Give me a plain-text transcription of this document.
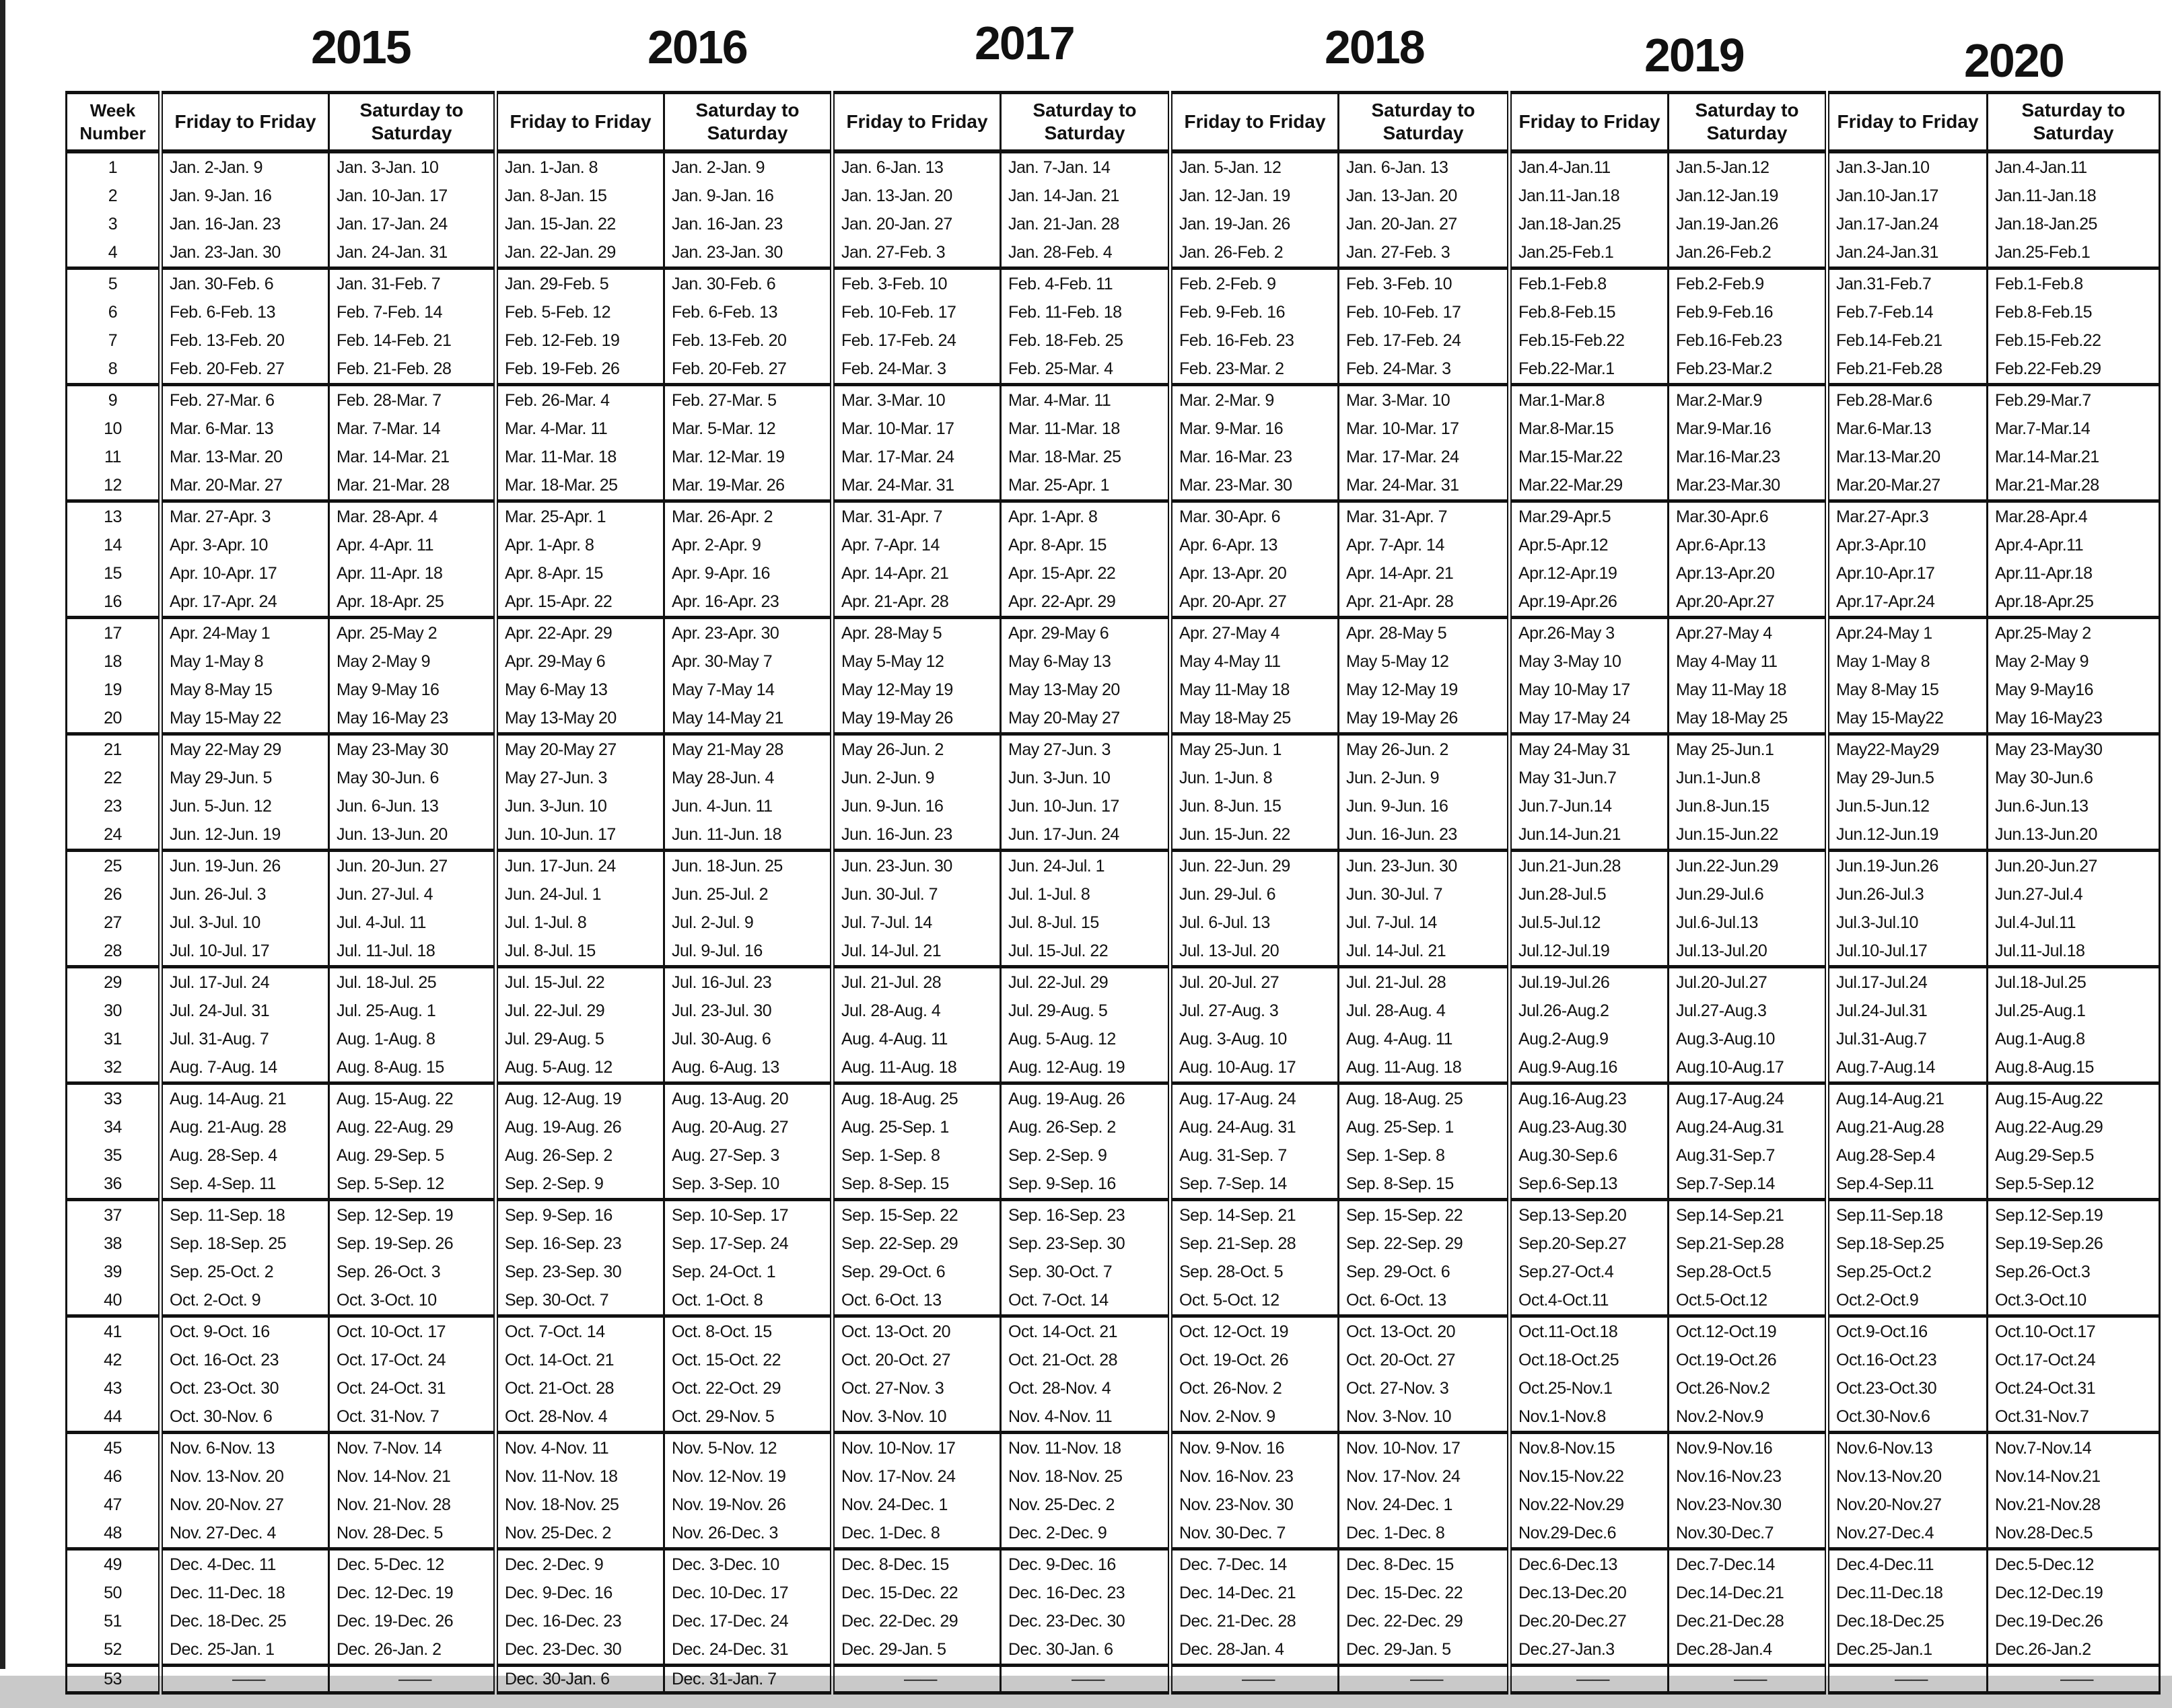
2015	2016	2017	2018	2019	2020
Week Number	Friday to Friday	Saturday to Saturday	Friday to Friday	Saturday to Saturday	Friday to Friday	Saturday to Saturday	Friday to Friday	Saturday to Saturday	Friday to Friday	Saturday to Saturday	Friday to Friday	Saturday to Saturday
1	Jan. 2-Jan. 9	Jan. 3-Jan. 10	Jan. 1-Jan. 8	Jan. 2-Jan. 9	Jan. 6-Jan. 13	Jan. 7-Jan. 14	Jan. 5-Jan. 12	Jan. 6-Jan. 13	Jan.4-Jan.11	Jan.5-Jan.12	Jan.3-Jan.10	Jan.4-Jan.11
2	Jan. 9-Jan. 16	Jan. 10-Jan. 17	Jan. 8-Jan. 15	Jan. 9-Jan. 16	Jan. 13-Jan. 20	Jan. 14-Jan. 21	Jan. 12-Jan. 19	Jan. 13-Jan. 20	Jan.11-Jan.18	Jan.12-Jan.19	Jan.10-Jan.17	Jan.11-Jan.18
3	Jan. 16-Jan. 23	Jan. 17-Jan. 24	Jan. 15-Jan. 22	Jan. 16-Jan. 23	Jan. 20-Jan. 27	Jan. 21-Jan. 28	Jan. 19-Jan. 26	Jan. 20-Jan. 27	Jan.18-Jan.25	Jan.19-Jan.26	Jan.17-Jan.24	Jan.18-Jan.25
4	Jan. 23-Jan. 30	Jan. 24-Jan. 31	Jan. 22-Jan. 29	Jan. 23-Jan. 30	Jan. 27-Feb. 3	Jan. 28-Feb. 4	Jan. 26-Feb. 2	Jan. 27-Feb. 3	Jan.25-Feb.1	Jan.26-Feb.2	Jan.24-Jan.31	Jan.25-Feb.1
5	Jan. 30-Feb. 6	Jan. 31-Feb. 7	Jan. 29-Feb. 5	Jan. 30-Feb. 6	Feb. 3-Feb. 10	Feb. 4-Feb. 11	Feb. 2-Feb. 9	Feb. 3-Feb. 10	Feb.1-Feb.8	Feb.2-Feb.9	Jan.31-Feb.7	Feb.1-Feb.8
6	Feb. 6-Feb. 13	Feb. 7-Feb. 14	Feb. 5-Feb. 12	Feb. 6-Feb. 13	Feb. 10-Feb. 17	Feb. 11-Feb. 18	Feb. 9-Feb. 16	Feb. 10-Feb. 17	Feb.8-Feb.15	Feb.9-Feb.16	Feb.7-Feb.14	Feb.8-Feb.15
7	Feb. 13-Feb. 20	Feb. 14-Feb. 21	Feb. 12-Feb. 19	Feb. 13-Feb. 20	Feb. 17-Feb. 24	Feb. 18-Feb. 25	Feb. 16-Feb. 23	Feb. 17-Feb. 24	Feb.15-Feb.22	Feb.16-Feb.23	Feb.14-Feb.21	Feb.15-Feb.22
8	Feb. 20-Feb. 27	Feb. 21-Feb. 28	Feb. 19-Feb. 26	Feb. 20-Feb. 27	Feb. 24-Mar. 3	Feb. 25-Mar. 4	Feb. 23-Mar. 2	Feb. 24-Mar. 3	Feb.22-Mar.1	Feb.23-Mar.2	Feb.21-Feb.28	Feb.22-Feb.29
9	Feb. 27-Mar. 6	Feb. 28-Mar. 7	Feb. 26-Mar. 4	Feb. 27-Mar. 5	Mar. 3-Mar. 10	Mar. 4-Mar. 11	Mar. 2-Mar. 9	Mar. 3-Mar. 10	Mar.1-Mar.8	Mar.2-Mar.9	Feb.28-Mar.6	Feb.29-Mar.7
10	Mar. 6-Mar. 13	Mar. 7-Mar. 14	Mar. 4-Mar. 11	Mar. 5-Mar. 12	Mar. 10-Mar. 17	Mar. 11-Mar. 18	Mar. 9-Mar. 16	Mar. 10-Mar. 17	Mar.8-Mar.15	Mar.9-Mar.16	Mar.6-Mar.13	Mar.7-Mar.14
11	Mar. 13-Mar. 20	Mar. 14-Mar. 21	Mar. 11-Mar. 18	Mar. 12-Mar. 19	Mar. 17-Mar. 24	Mar. 18-Mar. 25	Mar. 16-Mar. 23	Mar. 17-Mar. 24	Mar.15-Mar.22	Mar.16-Mar.23	Mar.13-Mar.20	Mar.14-Mar.21
12	Mar. 20-Mar. 27	Mar. 21-Mar. 28	Mar. 18-Mar. 25	Mar. 19-Mar. 26	Mar. 24-Mar. 31	Mar. 25-Apr. 1	Mar. 23-Mar. 30	Mar. 24-Mar. 31	Mar.22-Mar.29	Mar.23-Mar.30	Mar.20-Mar.27	Mar.21-Mar.28
13	Mar. 27-Apr. 3	Mar. 28-Apr. 4	Mar. 25-Apr. 1	Mar. 26-Apr. 2	Mar. 31-Apr. 7	Apr. 1-Apr. 8	Mar. 30-Apr. 6	Mar. 31-Apr. 7	Mar.29-Apr.5	Mar.30-Apr.6	Mar.27-Apr.3	Mar.28-Apr.4
14	Apr. 3-Apr. 10	Apr. 4-Apr. 11	Apr. 1-Apr. 8	Apr. 2-Apr. 9	Apr. 7-Apr. 14	Apr. 8-Apr. 15	Apr. 6-Apr. 13	Apr. 7-Apr. 14	Apr.5-Apr.12	Apr.6-Apr.13	Apr.3-Apr.10	Apr.4-Apr.11
15	Apr. 10-Apr. 17	Apr. 11-Apr. 18	Apr. 8-Apr. 15	Apr. 9-Apr. 16	Apr. 14-Apr. 21	Apr. 15-Apr. 22	Apr. 13-Apr. 20	Apr. 14-Apr. 21	Apr.12-Apr.19	Apr.13-Apr.20	Apr.10-Apr.17	Apr.11-Apr.18
16	Apr. 17-Apr. 24	Apr. 18-Apr. 25	Apr. 15-Apr. 22	Apr. 16-Apr. 23	Apr. 21-Apr. 28	Apr. 22-Apr. 29	Apr. 20-Apr. 27	Apr. 21-Apr. 28	Apr.19-Apr.26	Apr.20-Apr.27	Apr.17-Apr.24	Apr.18-Apr.25
17	Apr. 24-May 1	Apr. 25-May 2	Apr. 22-Apr. 29	Apr. 23-Apr. 30	Apr. 28-May 5	Apr. 29-May 6	Apr. 27-May 4	Apr. 28-May 5	Apr.26-May 3	Apr.27-May 4	Apr.24-May 1	Apr.25-May 2
18	May 1-May 8	May 2-May 9	Apr. 29-May 6	Apr. 30-May 7	May 5-May 12	May 6-May 13	May 4-May 11	May 5-May 12	May 3-May 10	May 4-May 11	May 1-May 8	May 2-May 9
19	May 8-May 15	May 9-May 16	May 6-May 13	May 7-May 14	May 12-May 19	May 13-May 20	May 11-May 18	May 12-May 19	May 10-May 17	May 11-May 18	May 8-May 15	May 9-May16
20	May 15-May 22	May 16-May 23	May 13-May 20	May 14-May 21	May 19-May 26	May 20-May 27	May 18-May 25	May 19-May 26	May 17-May 24	May 18-May 25	May 15-May22	May 16-May23
21	May 22-May 29	May 23-May 30	May 20-May 27	May 21-May 28	May 26-Jun. 2	May 27-Jun. 3	May 25-Jun. 1	May 26-Jun. 2	May 24-May 31	May 25-Jun.1	May22-May29	May 23-May30
22	May 29-Jun. 5	May 30-Jun. 6	May 27-Jun. 3	May 28-Jun. 4	Jun. 2-Jun. 9	Jun. 3-Jun. 10	Jun. 1-Jun. 8	Jun. 2-Jun. 9	May 31-Jun.7	Jun.1-Jun.8	May 29-Jun.5	May 30-Jun.6
23	Jun. 5-Jun. 12	Jun. 6-Jun. 13	Jun. 3-Jun. 10	Jun. 4-Jun. 11	Jun. 9-Jun. 16	Jun. 10-Jun. 17	Jun. 8-Jun. 15	Jun. 9-Jun. 16	Jun.7-Jun.14	Jun.8-Jun.15	Jun.5-Jun.12	Jun.6-Jun.13
24	Jun. 12-Jun. 19	Jun. 13-Jun. 20	Jun. 10-Jun. 17	Jun. 11-Jun. 18	Jun. 16-Jun. 23	Jun. 17-Jun. 24	Jun. 15-Jun. 22	Jun. 16-Jun. 23	Jun.14-Jun.21	Jun.15-Jun.22	Jun.12-Jun.19	Jun.13-Jun.20
25	Jun. 19-Jun. 26	Jun. 20-Jun. 27	Jun. 17-Jun. 24	Jun. 18-Jun. 25	Jun. 23-Jun. 30	Jun. 24-Jul. 1	Jun. 22-Jun. 29	Jun. 23-Jun. 30	Jun.21-Jun.28	Jun.22-Jun.29	Jun.19-Jun.26	Jun.20-Jun.27
26	Jun. 26-Jul. 3	Jun. 27-Jul. 4	Jun. 24-Jul. 1	Jun. 25-Jul. 2	Jun. 30-Jul. 7	Jul. 1-Jul. 8	Jun. 29-Jul. 6	Jun. 30-Jul. 7	Jun.28-Jul.5	Jun.29-Jul.6	Jun.26-Jul.3	Jun.27-Jul.4
27	Jul. 3-Jul. 10	Jul. 4-Jul. 11	Jul. 1-Jul. 8	Jul. 2-Jul. 9	Jul. 7-Jul. 14	Jul. 8-Jul. 15	Jul. 6-Jul. 13	Jul. 7-Jul. 14	Jul.5-Jul.12	Jul.6-Jul.13	Jul.3-Jul.10	Jul.4-Jul.11
28	Jul. 10-Jul. 17	Jul. 11-Jul. 18	Jul. 8-Jul. 15	Jul. 9-Jul. 16	Jul. 14-Jul. 21	Jul. 15-Jul. 22	Jul. 13-Jul. 20	Jul. 14-Jul. 21	Jul.12-Jul.19	Jul.13-Jul.20	Jul.10-Jul.17	Jul.11-Jul.18
29	Jul. 17-Jul. 24	Jul. 18-Jul. 25	Jul. 15-Jul. 22	Jul. 16-Jul. 23	Jul. 21-Jul. 28	Jul. 22-Jul. 29	Jul. 20-Jul. 27	Jul. 21-Jul. 28	Jul.19-Jul.26	Jul.20-Jul.27	Jul.17-Jul.24	Jul.18-Jul.25
30	Jul. 24-Jul. 31	Jul. 25-Aug. 1	Jul. 22-Jul. 29	Jul. 23-Jul. 30	Jul. 28-Aug. 4	Jul. 29-Aug. 5	Jul. 27-Aug. 3	Jul. 28-Aug. 4	Jul.26-Aug.2	Jul.27-Aug.3	Jul.24-Jul.31	Jul.25-Aug.1
31	Jul. 31-Aug. 7	Aug. 1-Aug. 8	Jul. 29-Aug. 5	Jul. 30-Aug. 6	Aug. 4-Aug. 11	Aug. 5-Aug. 12	Aug. 3-Aug. 10	Aug. 4-Aug. 11	Aug.2-Aug.9	Aug.3-Aug.10	Jul.31-Aug.7	Aug.1-Aug.8
32	Aug. 7-Aug. 14	Aug. 8-Aug. 15	Aug. 5-Aug. 12	Aug. 6-Aug. 13	Aug. 11-Aug. 18	Aug. 12-Aug. 19	Aug. 10-Aug. 17	Aug. 11-Aug. 18	Aug.9-Aug.16	Aug.10-Aug.17	Aug.7-Aug.14	Aug.8-Aug.15
33	Aug. 14-Aug. 21	Aug. 15-Aug. 22	Aug. 12-Aug. 19	Aug. 13-Aug. 20	Aug. 18-Aug. 25	Aug. 19-Aug. 26	Aug. 17-Aug. 24	Aug. 18-Aug. 25	Aug.16-Aug.23	Aug.17-Aug.24	Aug.14-Aug.21	Aug.15-Aug.22
34	Aug. 21-Aug. 28	Aug. 22-Aug. 29	Aug. 19-Aug. 26	Aug. 20-Aug. 27	Aug. 25-Sep. 1	Aug. 26-Sep. 2	Aug. 24-Aug. 31	Aug. 25-Sep. 1	Aug.23-Aug.30	Aug.24-Aug.31	Aug.21-Aug.28	Aug.22-Aug.29
35	Aug. 28-Sep. 4	Aug. 29-Sep. 5	Aug. 26-Sep. 2	Aug. 27-Sep. 3	Sep. 1-Sep. 8	Sep. 2-Sep. 9	Aug. 31-Sep. 7	Sep. 1-Sep. 8	Aug.30-Sep.6	Aug.31-Sep.7	Aug.28-Sep.4	Aug.29-Sep.5
36	Sep. 4-Sep. 11	Sep. 5-Sep. 12	Sep. 2-Sep. 9	Sep. 3-Sep. 10	Sep. 8-Sep. 15	Sep. 9-Sep. 16	Sep. 7-Sep. 14	Sep. 8-Sep. 15	Sep.6-Sep.13	Sep.7-Sep.14	Sep.4-Sep.11	Sep.5-Sep.12
37	Sep. 11-Sep. 18	Sep. 12-Sep. 19	Sep. 9-Sep. 16	Sep. 10-Sep. 17	Sep. 15-Sep. 22	Sep. 16-Sep. 23	Sep. 14-Sep. 21	Sep. 15-Sep. 22	Sep.13-Sep.20	Sep.14-Sep.21	Sep.11-Sep.18	Sep.12-Sep.19
38	Sep. 18-Sep. 25	Sep. 19-Sep. 26	Sep. 16-Sep. 23	Sep. 17-Sep. 24	Sep. 22-Sep. 29	Sep. 23-Sep. 30	Sep. 21-Sep. 28	Sep. 22-Sep. 29	Sep.20-Sep.27	Sep.21-Sep.28	Sep.18-Sep.25	Sep.19-Sep.26
39	Sep. 25-Oct. 2	Sep. 26-Oct. 3	Sep. 23-Sep. 30	Sep. 24-Oct. 1	Sep. 29-Oct. 6	Sep. 30-Oct. 7	Sep. 28-Oct. 5	Sep. 29-Oct. 6	Sep.27-Oct.4	Sep.28-Oct.5	Sep.25-Oct.2	Sep.26-Oct.3
40	Oct. 2-Oct. 9	Oct. 3-Oct. 10	Sep. 30-Oct. 7	Oct. 1-Oct. 8	Oct. 6-Oct. 13	Oct. 7-Oct. 14	Oct. 5-Oct. 12	Oct. 6-Oct. 13	Oct.4-Oct.11	Oct.5-Oct.12	Oct.2-Oct.9	Oct.3-Oct.10
41	Oct. 9-Oct. 16	Oct. 10-Oct. 17	Oct. 7-Oct. 14	Oct. 8-Oct. 15	Oct. 13-Oct. 20	Oct. 14-Oct. 21	Oct. 12-Oct. 19	Oct. 13-Oct. 20	Oct.11-Oct.18	Oct.12-Oct.19	Oct.9-Oct.16	Oct.10-Oct.17
42	Oct. 16-Oct. 23	Oct. 17-Oct. 24	Oct. 14-Oct. 21	Oct. 15-Oct. 22	Oct. 20-Oct. 27	Oct. 21-Oct. 28	Oct. 19-Oct. 26	Oct. 20-Oct. 27	Oct.18-Oct.25	Oct.19-Oct.26	Oct.16-Oct.23	Oct.17-Oct.24
43	Oct. 23-Oct. 30	Oct. 24-Oct. 31	Oct. 21-Oct. 28	Oct. 22-Oct. 29	Oct. 27-Nov. 3	Oct. 28-Nov. 4	Oct. 26-Nov. 2	Oct. 27-Nov. 3	Oct.25-Nov.1	Oct.26-Nov.2	Oct.23-Oct.30	Oct.24-Oct.31
44	Oct. 30-Nov. 6	Oct. 31-Nov. 7	Oct. 28-Nov. 4	Oct. 29-Nov. 5	Nov. 3-Nov. 10	Nov. 4-Nov. 11	Nov. 2-Nov. 9	Nov. 3-Nov. 10	Nov.1-Nov.8	Nov.2-Nov.9	Oct.30-Nov.6	Oct.31-Nov.7
45	Nov. 6-Nov. 13	Nov. 7-Nov. 14	Nov. 4-Nov. 11	Nov. 5-Nov. 12	Nov. 10-Nov. 17	Nov. 11-Nov. 18	Nov. 9-Nov. 16	Nov. 10-Nov. 17	Nov.8-Nov.15	Nov.9-Nov.16	Nov.6-Nov.13	Nov.7-Nov.14
46	Nov. 13-Nov. 20	Nov. 14-Nov. 21	Nov. 11-Nov. 18	Nov. 12-Nov. 19	Nov. 17-Nov. 24	Nov. 18-Nov. 25	Nov. 16-Nov. 23	Nov. 17-Nov. 24	Nov.15-Nov.22	Nov.16-Nov.23	Nov.13-Nov.20	Nov.14-Nov.21
47	Nov. 20-Nov. 27	Nov. 21-Nov. 28	Nov. 18-Nov. 25	Nov. 19-Nov. 26	Nov. 24-Dec. 1	Nov. 25-Dec. 2	Nov. 23-Nov. 30	Nov. 24-Dec. 1	Nov.22-Nov.29	Nov.23-Nov.30	Nov.20-Nov.27	Nov.21-Nov.28
48	Nov. 27-Dec. 4	Nov. 28-Dec. 5	Nov. 25-Dec. 2	Nov. 26-Dec. 3	Dec. 1-Dec. 8	Dec. 2-Dec. 9	Nov. 30-Dec. 7	Dec. 1-Dec. 8	Nov.29-Dec.6	Nov.30-Dec.7	Nov.27-Dec.4	Nov.28-Dec.5
49	Dec. 4-Dec. 11	Dec. 5-Dec. 12	Dec. 2-Dec. 9	Dec. 3-Dec. 10	Dec. 8-Dec. 15	Dec. 9-Dec. 16	Dec. 7-Dec. 14	Dec. 8-Dec. 15	Dec.6-Dec.13	Dec.7-Dec.14	Dec.4-Dec.11	Dec.5-Dec.12
50	Dec. 11-Dec. 18	Dec. 12-Dec. 19	Dec. 9-Dec. 16	Dec. 10-Dec. 17	Dec. 15-Dec. 22	Dec. 16-Dec. 23	Dec. 14-Dec. 21	Dec. 15-Dec. 22	Dec.13-Dec.20	Dec.14-Dec.21	Dec.11-Dec.18	Dec.12-Dec.19
51	Dec. 18-Dec. 25	Dec. 19-Dec. 26	Dec. 16-Dec. 23	Dec. 17-Dec. 24	Dec. 22-Dec. 29	Dec. 23-Dec. 30	Dec. 21-Dec. 28	Dec. 22-Dec. 29	Dec.20-Dec.27	Dec.21-Dec.28	Dec.18-Dec.25	Dec.19-Dec.26
52	Dec. 25-Jan. 1	Dec. 26-Jan. 2	Dec. 23-Dec. 30	Dec. 24-Dec. 31	Dec. 29-Jan. 5	Dec. 30-Jan. 6	Dec. 28-Jan. 4	Dec. 29-Jan. 5	Dec.27-Jan.3	Dec.28-Jan.4	Dec.25-Jan.1	Dec.26-Jan.2
53	——	——	Dec. 30-Jan. 6	Dec. 31-Jan. 7	——	——	——	——	——	——	——	——
